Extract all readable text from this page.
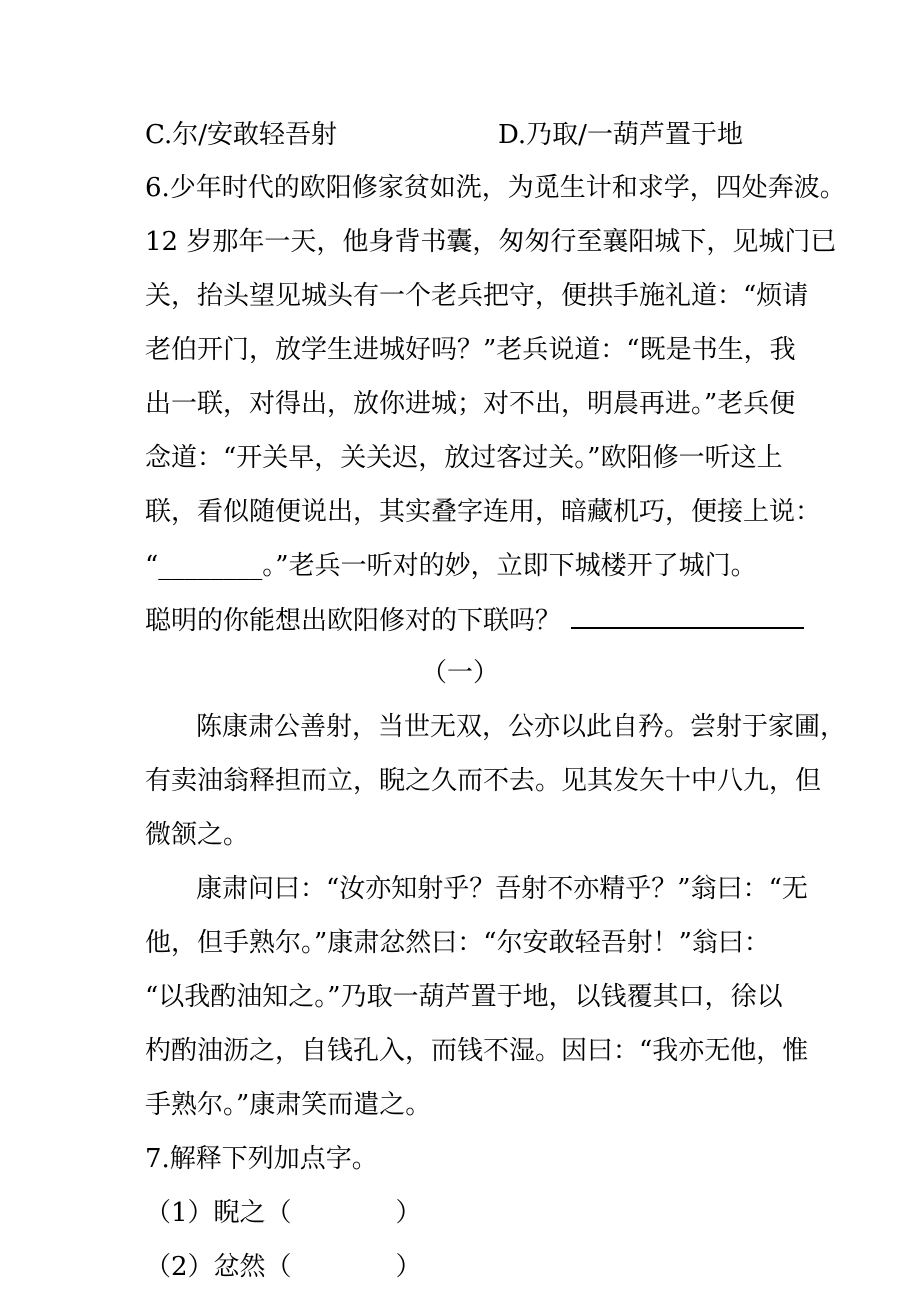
C.尔/安敢轻吾射	D.乃取/一葫芦置于地
6.少年时代的欧阳修家贫如洗，为觅生计和求学，四处奔波。
12 岁那年一天，他身背书囊，匆匆行至襄阳城下，见城门已
关，抬头望见城头有一个老兵把守，便拱手施礼道：“烦请
老伯开门，放学生进城好吗？”老兵说道：“既是书生，我
出一联，对得出，放你进城；对不出，明晨再进。”老兵便
念道：“开关早，关关迟，放过客过关。”欧阳修一听这上
联，看似随便说出，其实叠字连用，暗藏机巧，便接上说：
“________。”老兵一听对的妙，立即下城楼开了城门。
聪明的你能想出欧阳修对的下联吗？
（一）
陈康肃公善射，当世无双，公亦以此自矜。尝射于家圃，
有卖油翁释担而立，睨之久而不去。见其发矢十中八九，但
微颔之。
康肃问曰：“汝亦知射乎？吾射不亦精乎？”翁曰：“无
他，但手熟尔。”康肃忿然曰：“尔安敢轻吾射！”翁曰：
“以我酌油知之。”乃取一葫芦置于地，以钱覆其口，徐以
杓酌油沥之，自钱孔入，而钱不湿。因曰：“我亦无他，惟
手熟尔。”康肃笑而遣之。
7.解释下列加点字。
（1）睨之（　　　　）
（2）忿然（　　　　）
